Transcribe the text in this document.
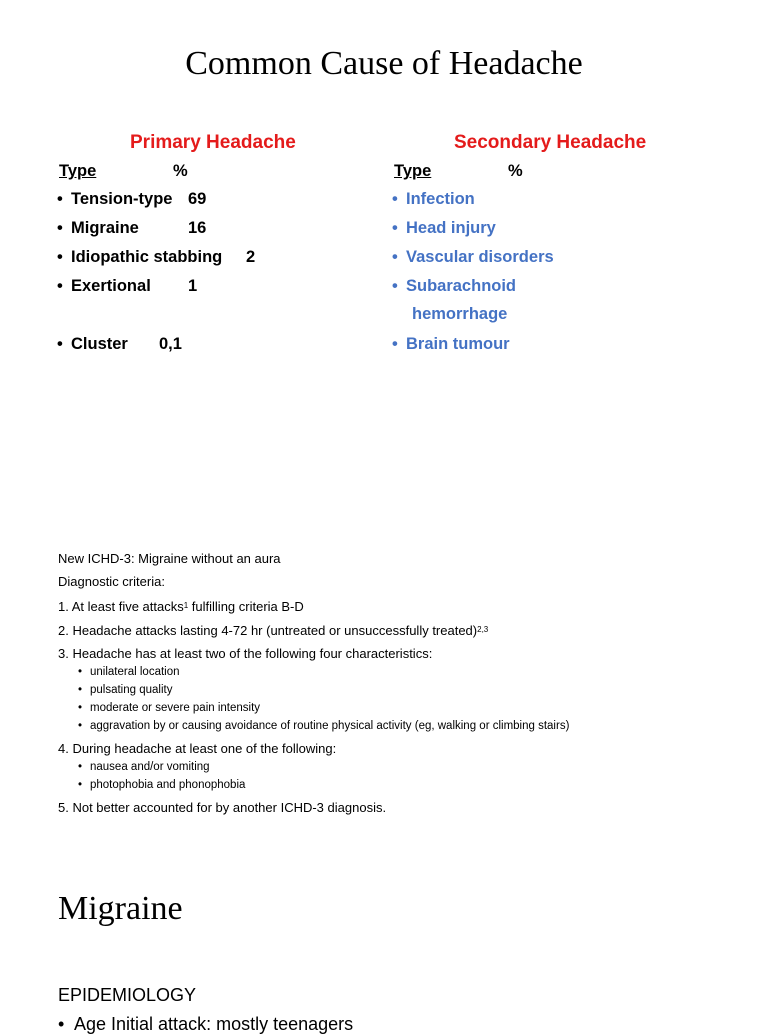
Common Cause of Headache
Primary Headache
Type	%
• Tension-type 69
• Migraine	16
• Idiopathic stabbing 2
• Exertional 1
• Cluster 0,1
Secondary Headache
Type	%
• Infection
• Head injury
• Vascular disorders
• Subarachnoid
hemorrhage
• Brain tumour
New ICHD-3: Migraine without an aura
Diagnostic criteria:
1. At least five attacks$^1$ fulfilling criteria B-D
2. Headache attacks lasting 4-72 hr (untreated or unsuccessfully treated)$^{2,3}$
3. Headache has at least two of the following four characteristics:
• unilateral location
• pulsating quality
• moderate or severe pain intensity
• aggravation by or causing avoidance of routine physical activity (eg, walking or climbing stairs)
4. During headache at least one of the following:
• nausea and/or vomiting
• photophobia and phonophobia
5. Not better accounted for by another ICHD-3 diagnosis.
Migraine
EPIDEMIOLOGY
• Age Initial attack: mostly teenagers
